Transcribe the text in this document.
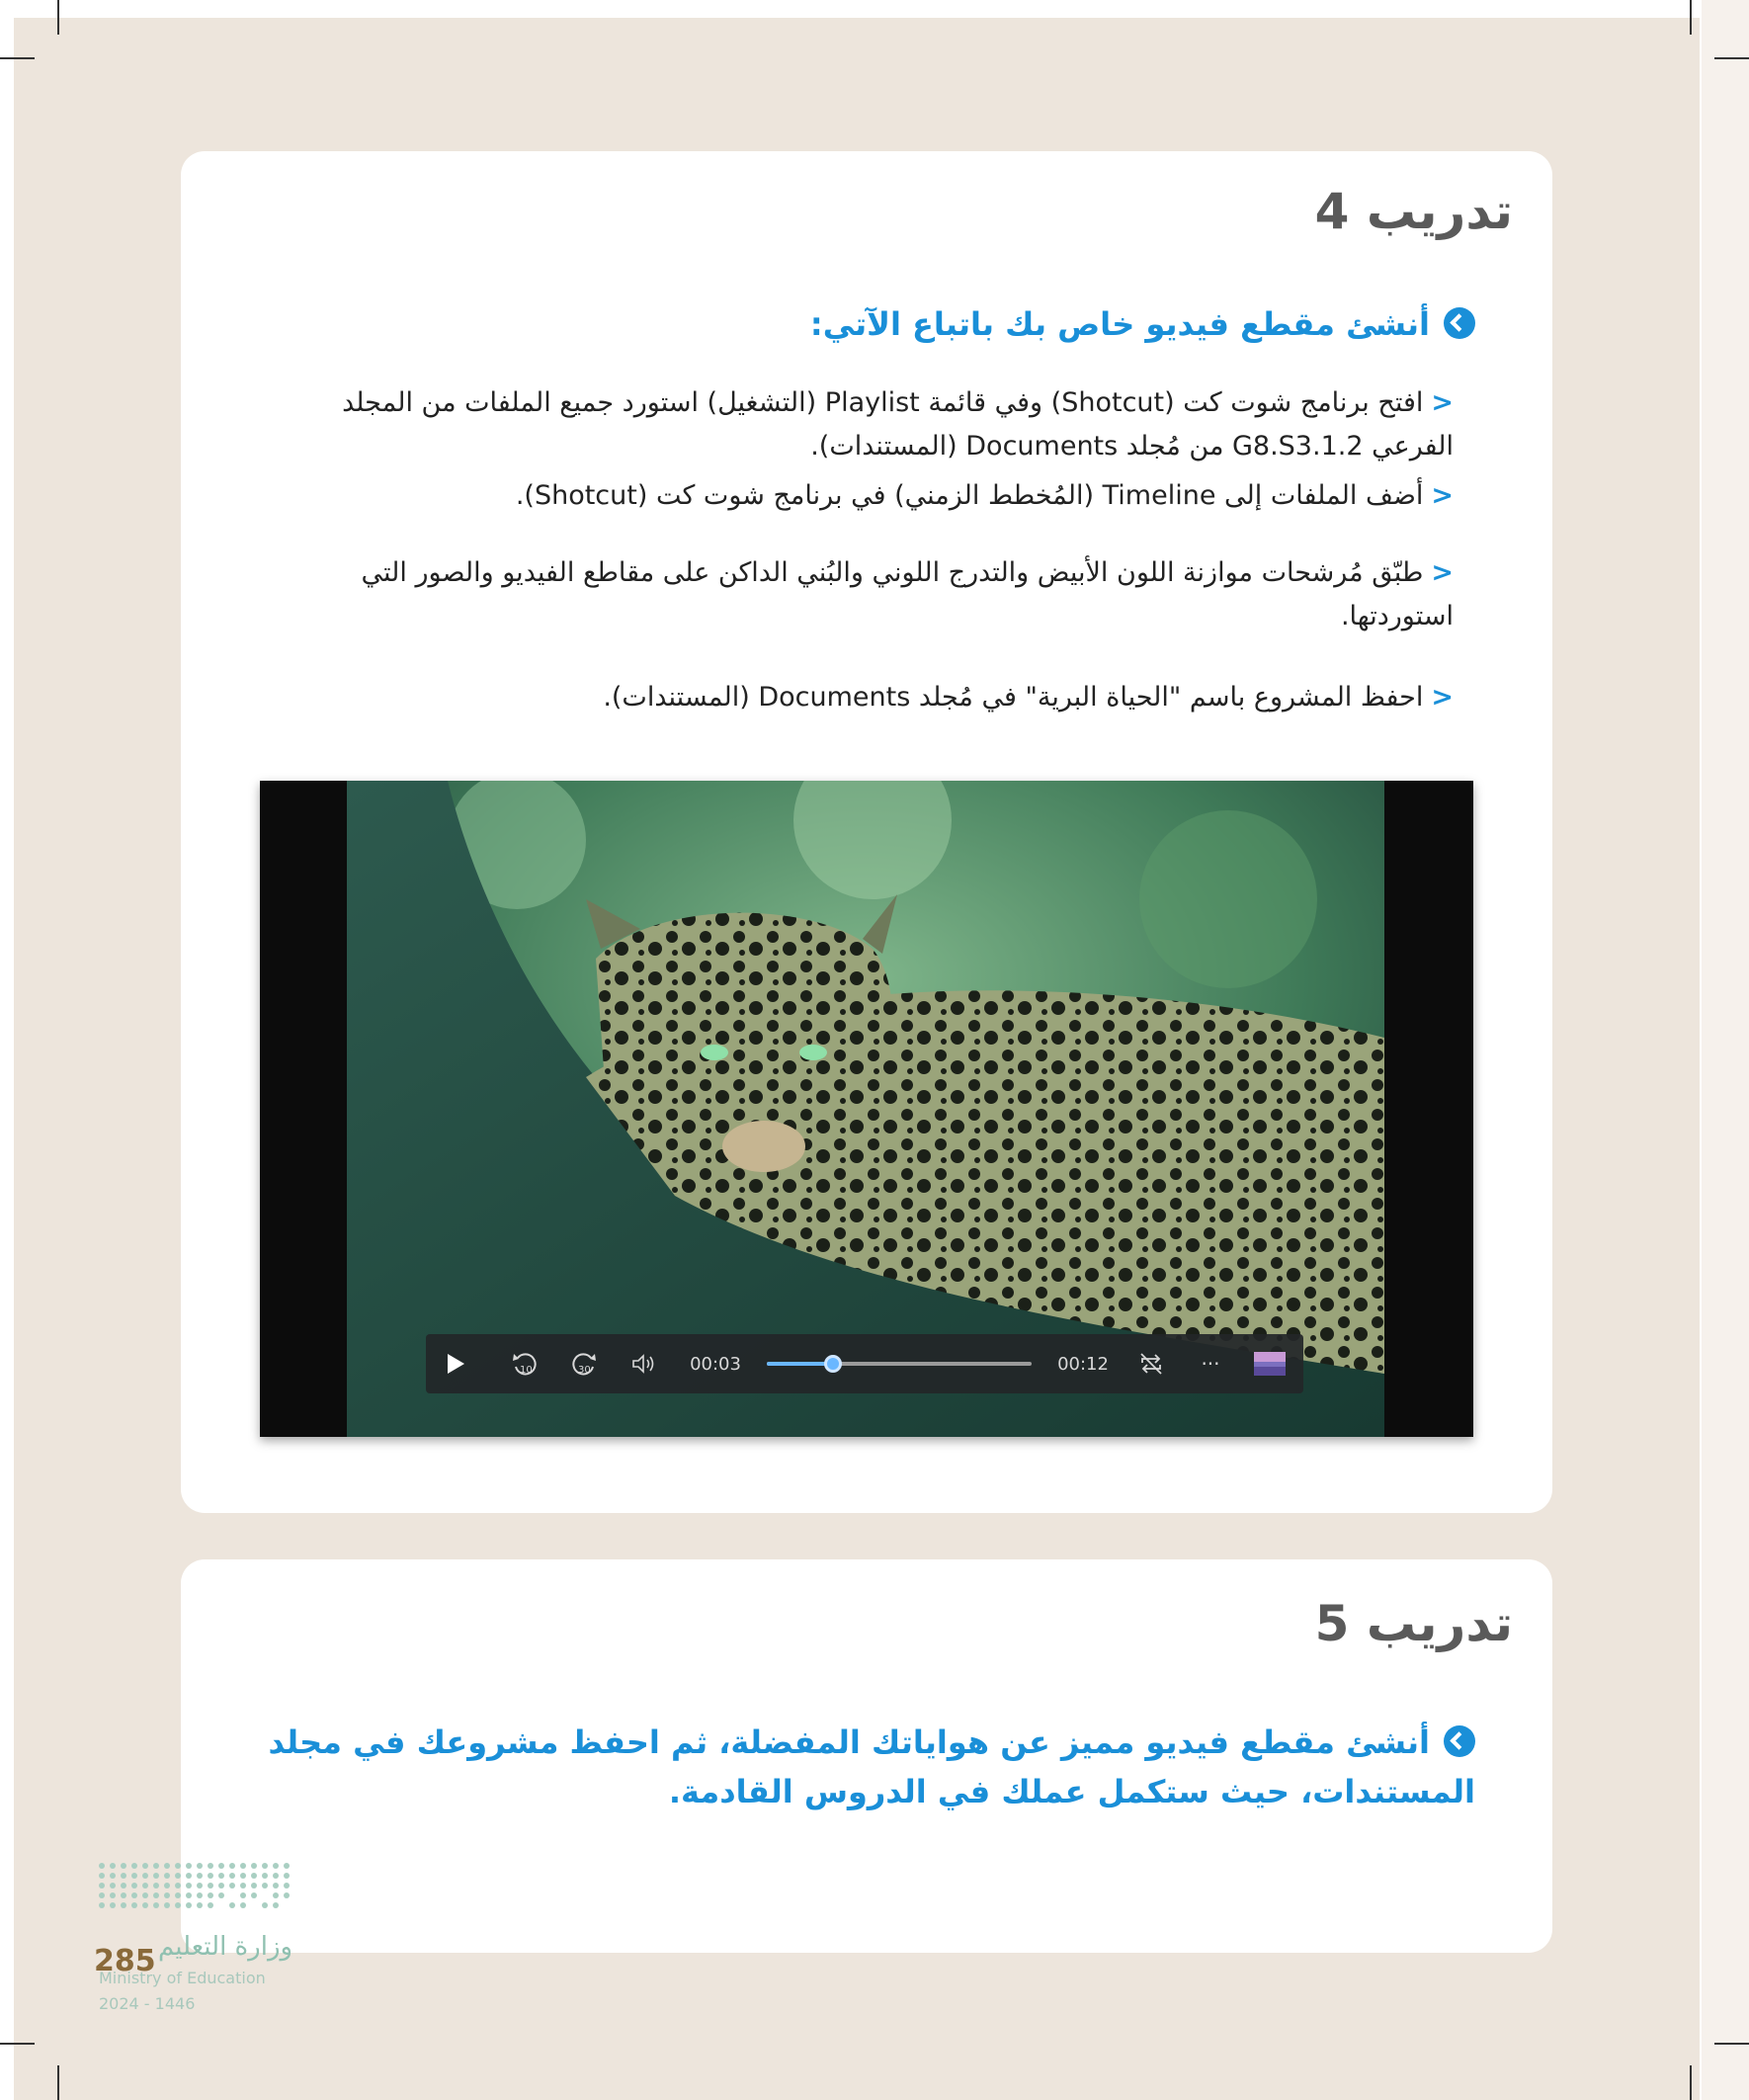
تدريب 4
أنشئ مقطع فيديو خاص بك باتباع الآتي:
<افتح برنامج شوت كت (Shotcut) وفي قائمة Playlist (التشغيل) استورد جميع الملفات من المجلد الفرعي G8.S3.1.2 من مُجلد Documents (المستندات).
<أضف الملفات إلى Timeline (المُخطط الزمني) في برنامج شوت كت (Shotcut).
<طبّق مُرشحات موازنة اللون الأبيض والتدرج اللوني والبُني الداكن على مقاطع الفيديو والصور التي استوردتها.
<احفظ المشروع باسم "الحياة البرية" في مُجلد Documents (المستندات).
10	30	00:03	00:12	···
تدريب 5
أنشئ مقطع فيديو مميز عن هواياتك المفضلة، ثم احفظ مشروعك في مجلد المستندات، حيث ستكمل عملك في الدروس القادمة.
وزارة التعليم
285
Ministry of Education
2024 - 1446
